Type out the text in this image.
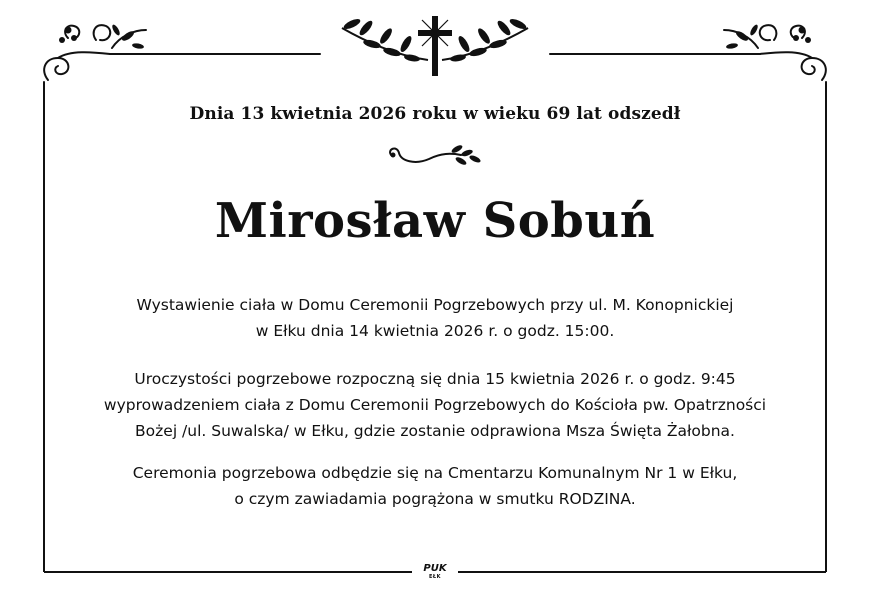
Dnia 13 kwietnia 2026 roku w wieku 69 lat odszedł
Mirosław Sobuń
Wystawienie ciała w Domu Ceremonii Pogrzebowych przy ul. M. Konopnickiej
w Ełku dnia 14 kwietnia 2026 r. o godz. 15:00.
Uroczystości pogrzebowe rozpoczną się dnia 15 kwietnia 2026 r. o godz. 9:45
wyprowadzeniem ciała z Domu Ceremonii Pogrzebowych do Kościoła pw. Opatrzności
Bożej /ul. Suwalska/ w Ełku, gdzie zostanie odprawiona Msza Święta Żałobna.
Ceremonia pogrzebowa odbędzie się na Cmentarzu Komunalnym Nr 1 w Ełku,
o czym zawiadamia pogrążona w smutku RODZINA.
PUK
EŁK
